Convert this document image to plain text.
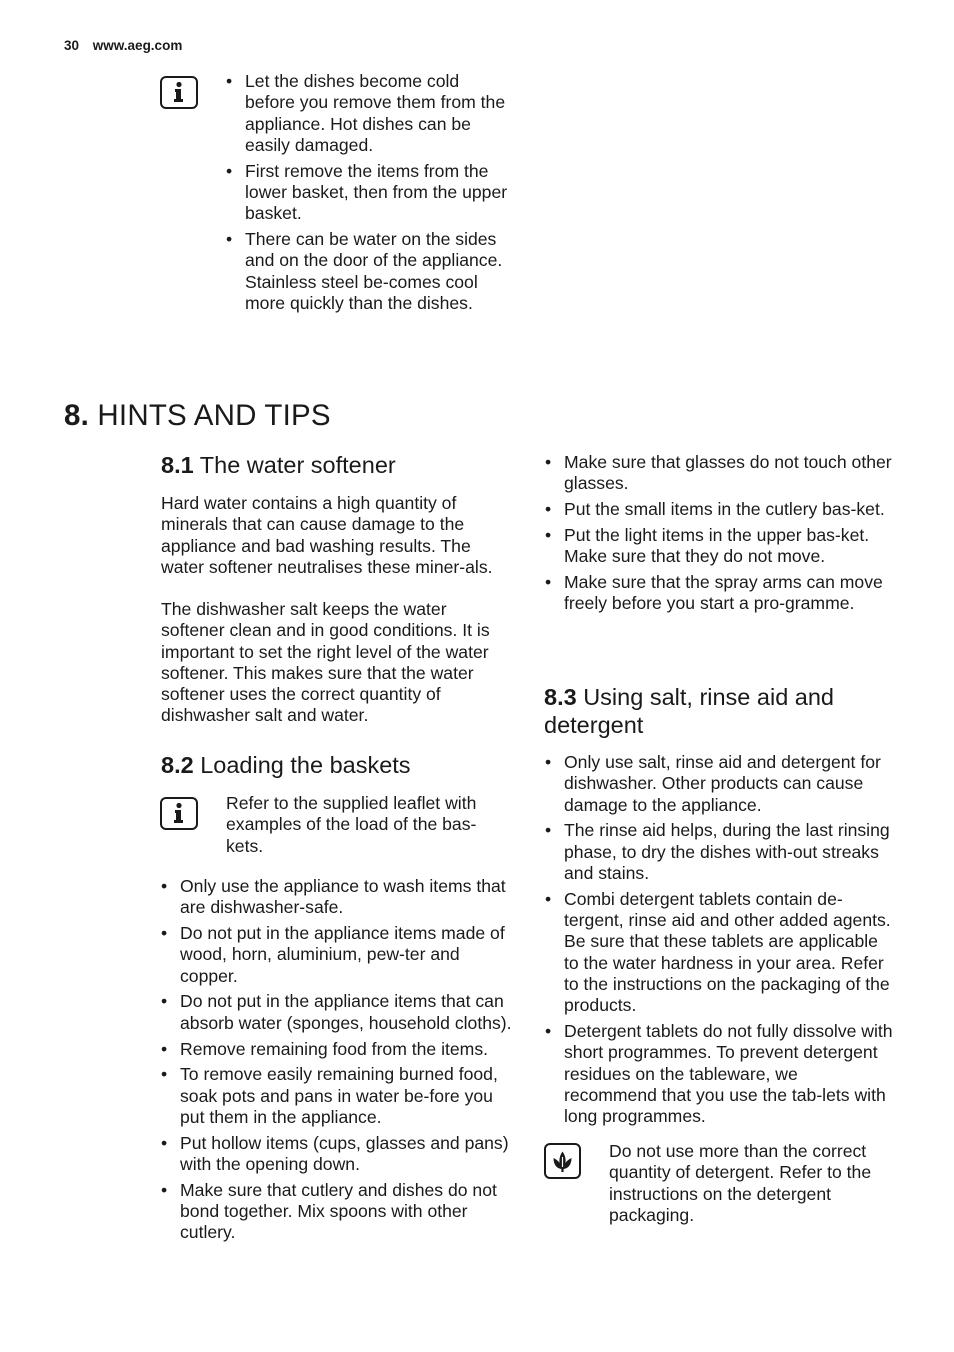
30 www.aeg.com
• Let the dishes become cold before you remove them from the appliance. Hot dishes can be easily damaged.
• First remove the items from the lower basket, then from the upper basket.
• There can be water on the sides and on the door of the appliance. Stainless steel be-comes cool more quickly than the dishes.
8. HINTS AND TIPS
8.1 The water softener

Hard water contains a high quantity of minerals that can cause damage to the appliance and bad washing results. The water softener neutralises these miner-als.

The dishwasher salt keeps the water softener clean and in good conditions. It is important to set the right level of the water softener. This makes sure that the water softener uses the correct quantity of dishwasher salt and water.

8.2 Loading the baskets

Refer to the supplied leaflet with examples of the load of the bas-kets.

• Only use the appliance to wash items that are dishwasher-safe.
• Do not put in the appliance items made of wood, horn, aluminium, pew-ter and copper.
• Do not put in the appliance items that can absorb water (sponges, household cloths).
• Remove remaining food from the items.
• To remove easily remaining burned food, soak pots and pans in water be-fore you put them in the appliance.
• Put hollow items (cups, glasses and pans) with the opening down.
• Make sure that cutlery and dishes do not bond together. Mix spoons with other cutlery.
• Make sure that glasses do not touch other glasses.
• Put the small items in the cutlery bas-ket.
• Put the light items in the upper bas-ket. Make sure that they do not move.
• Make sure that the spray arms can move freely before you start a pro-gramme.
8.3 Using salt, rinse aid and
detergent
• Only use salt, rinse aid and detergent for dishwasher. Other products can cause damage to the appliance.
• The rinse aid helps, during the last rinsing phase, to dry the dishes with-out streaks and stains.
• Combi detergent tablets contain de-tergent, rinse aid and other added agents. Be sure that these tablets are applicable to the water hardness in your area. Refer to the instructions on the packaging of the products.
• Detergent tablets do not fully dissolve with short programmes. To prevent detergent residues on the tableware, we recommend that you use the tab-lets with long programmes.

Do not use more than the correct quantity of detergent. Refer to the instructions on the detergent packaging.
